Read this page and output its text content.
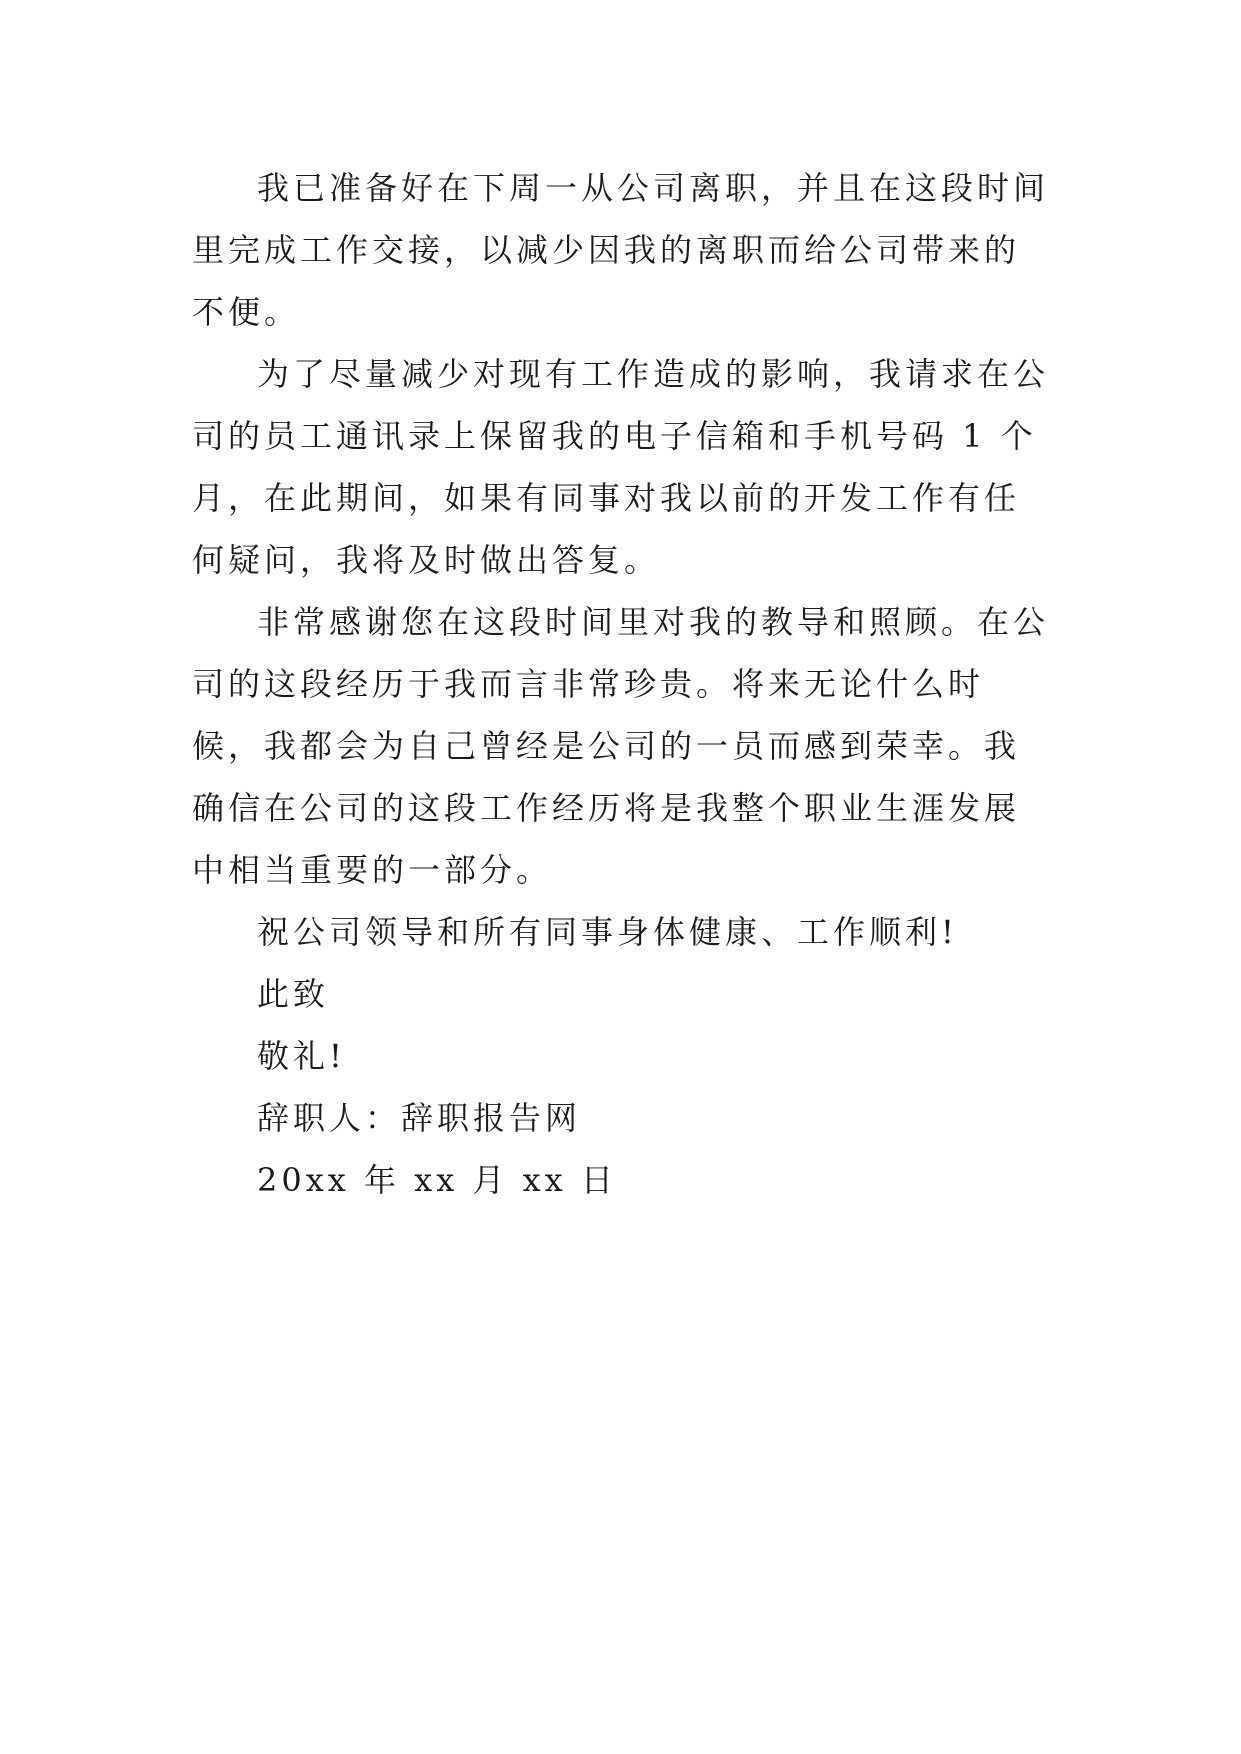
我已准备好在下周一从公司离职，并且在这段时间里完成工作交接，以减少因我的离职而给公司带来的不便。

为了尽量减少对现有工作造成的影响，我请求在公司的员工通讯录上保留我的电子信箱和手机号码 1 个月，在此期间，如果有同事对我以前的开发工作有任何疑问，我将及时做出答复。

非常感谢您在这段时间里对我的教导和照顾。在公司的这段经历于我而言非常珍贵。将来无论什么时候，我都会为自己曾经是公司的一员而感到荣幸。我确信在公司的这段工作经历将是我整个职业生涯发展中相当重要的一部分。

祝公司领导和所有同事身体健康、工作顺利!

此致

敬礼!

辞职人：辞职报告网

20xx 年 xx 月 xx 日
